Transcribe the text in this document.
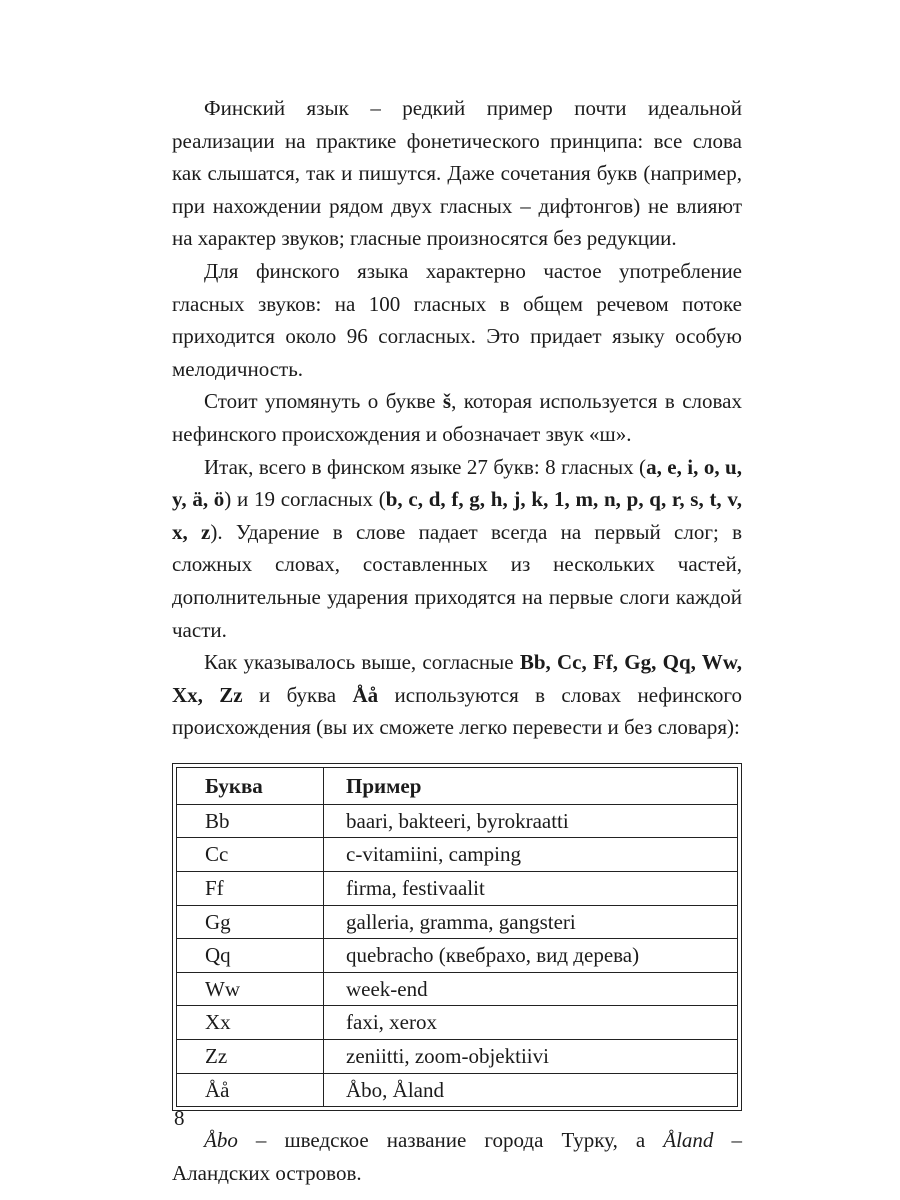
Финский язык – редкий пример почти идеальной реализации на практике фонетического принципа: все слова как слышатся, так и пишутся. Даже сочетания букв (например, при нахождении рядом двух гласных – дифтонгов) не влияют на характер звуков; гласные произносятся без редукции.

Для финского языка характерно частое употребление гласных звуков: на 100 гласных в общем речевом потоке приходится около 96 согласных. Это придает языку особую мелодичность.

Стоит упомянуть о букве š, которая используется в словах нефинского происхождения и обозначает звук «ш».

Итак, всего в финском языке 27 букв: 8 гласных (a, e, i, o, u, y, ä, ö) и 19 согласных (b, c, d, f, g, h, j, k, 1, m, n, p, q, r, s, t, v, x, z). Ударение в слове падает всегда на первый слог; в сложных словах, составленных из нескольких частей, дополнительные ударения приходятся на первые слоги каждой части.

Как указывалось выше, согласные Bb, Cc, Ff, Gg, Qq, Ww, Xx, Zz и буква Åå используются в словах нефинского происхождения (вы их сможете легко перевести и без словаря):

Буква	Пример
Bb	baari, bakteeri, byrokraatti
Cc	c-vitamiini, camping
Ff	firma, festivaalit
Gg	galleria, gramma, gangsteri
Qq	quebracho (квебрахо, вид дерева)
Ww	week-end
Xx	faxi, xerox
Zz	zeniitti, zoom-objektiivi
Åå	Åbo, Åland

Åbo – шведское название города Турку, а Åland – Аландских островов.

8
